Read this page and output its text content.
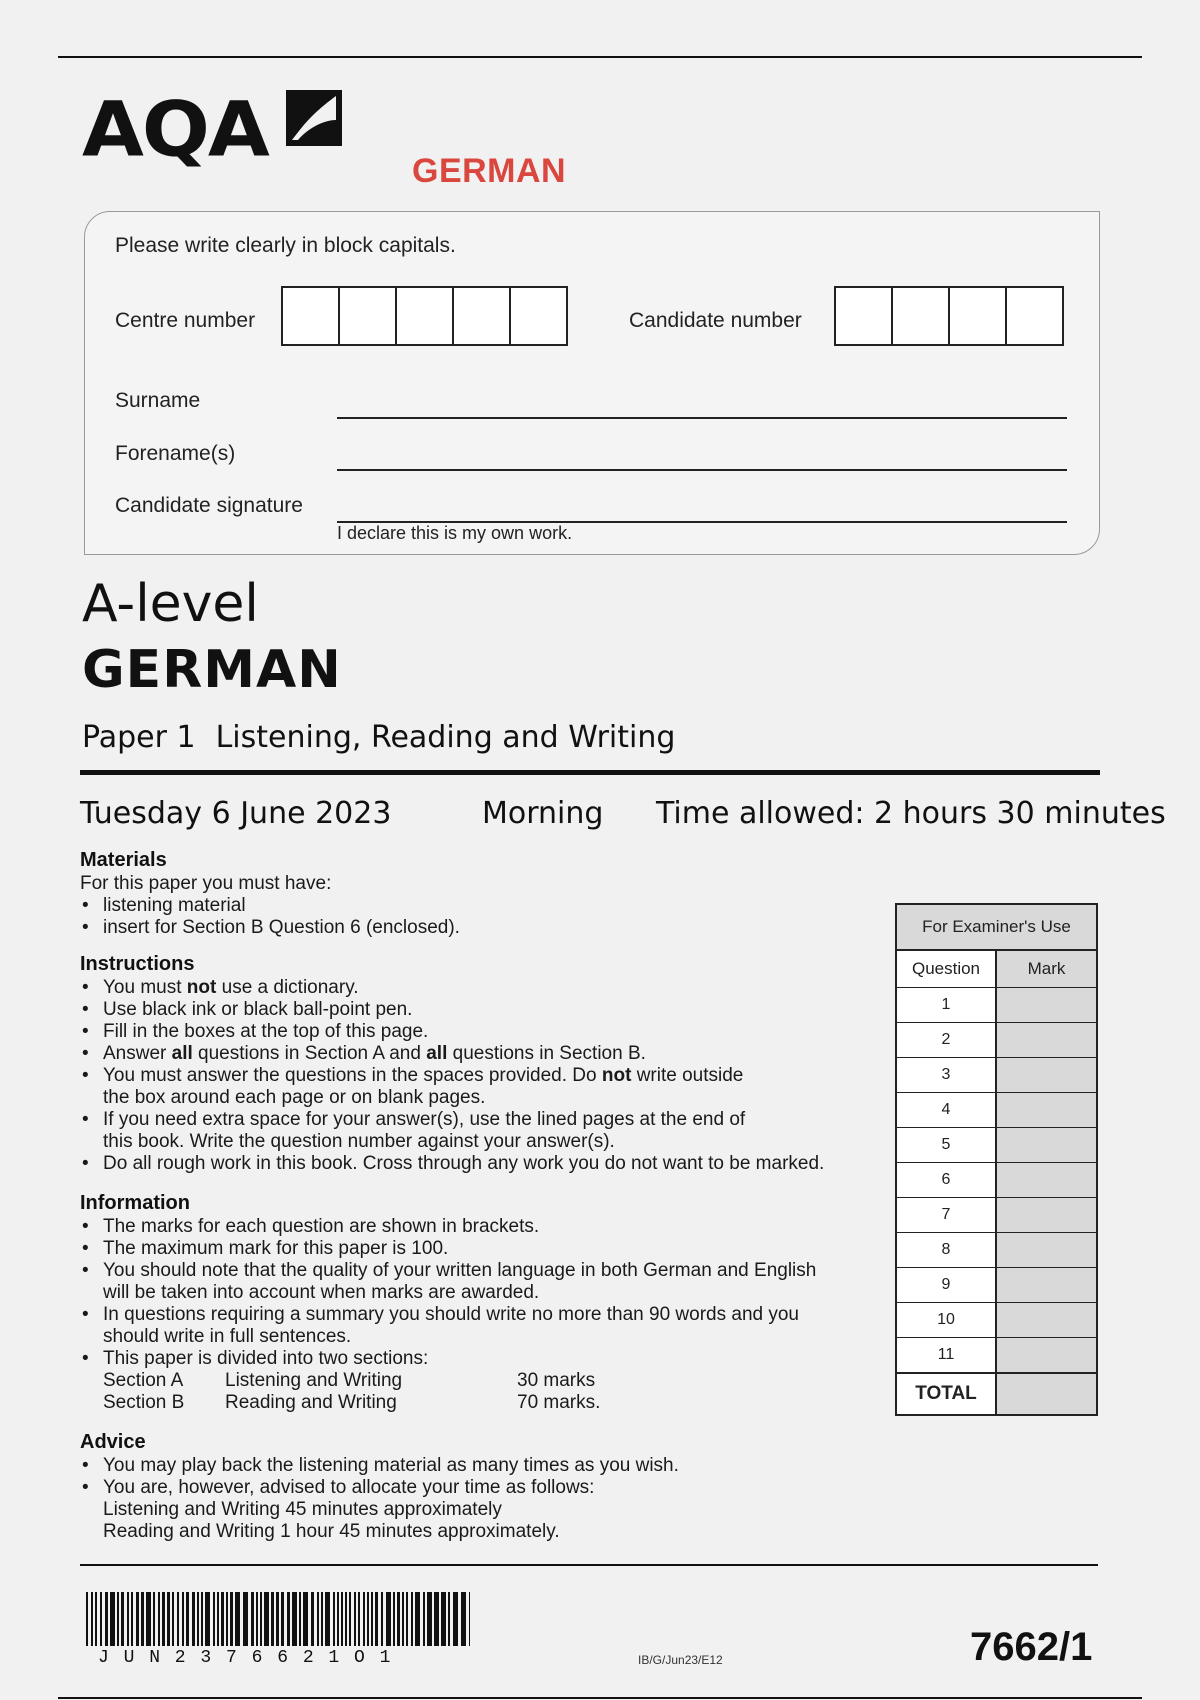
AQA	GERMAN
Please write clearly in block capitals.
Centre number	Candidate number
Surname
Forename(s)
Candidate signature
I declare this is my own work.
A-level
GERMAN
Paper 1 Listening, Reading and Writing
Tuesday 6 June 2023	Morning Time allowed: 2 hours 30 minutes
Materials
For this paper you must have:
• listening material
• insert for Section B Question 6 (enclosed).
Instructions
• You must not use a dictionary.
• Use black ink or black ball-point pen.
• Fill in the boxes at the top of this page.
• Answer all questions in Section A and all questions in Section B.
• You must answer the questions in the spaces provided. Do not write outside
the box around each page or on blank pages.
• If you need extra space for your answer(s), use the lined pages at the end of
this book. Write the question number against your answer(s).
• Do all rough work in this book. Cross through any work you do not want to be marked.
Information
• The marks for each question are shown in brackets.
• The maximum mark for this paper is 100.
• You should note that the quality of your written language in both German and English
will be taken into account when marks are awarded.
• In questions requiring a summary you should write no more than 90 words and you
should write in full sentences.
• This paper is divided into two sections:
Section A	Listening and Writing	30 marks
Section B	Reading and Writing	70 marks.
Advice
• You may play back the listening material as many times as you wish.
• You are, however, advised to allocate your time as follows:
Listening and Writing 45 minutes approximately
Reading and Writing 1 hour 45 minutes approximately.
For Examiner's Use
Question	Mark
1
2
3
4
5
6
7
8
9
10
11
TOTAL
JUN2376621O1	IB/G/Jun23/E12	7662/1
